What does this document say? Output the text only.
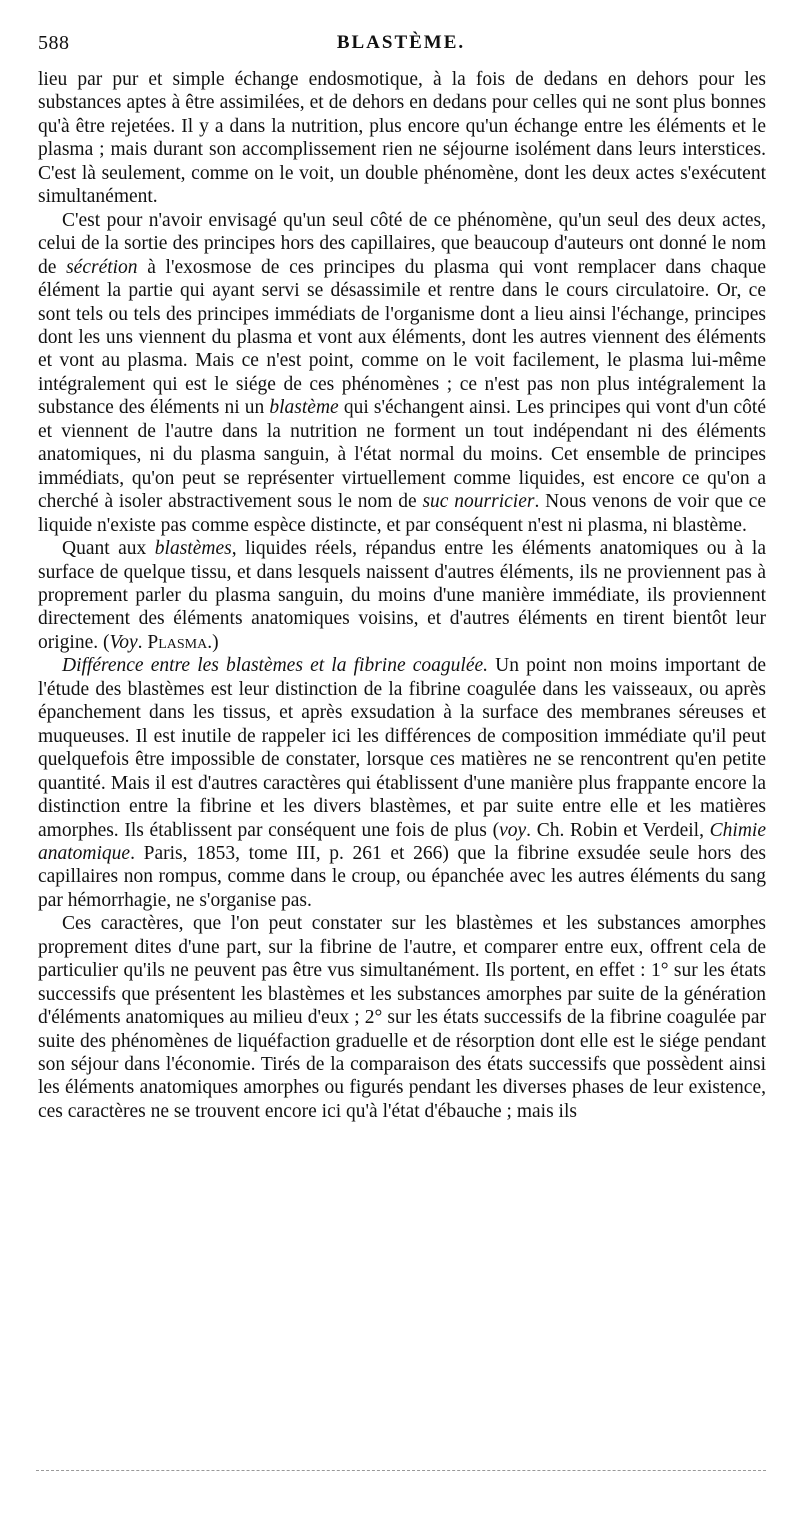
588	BLASTÈME.

lieu par pur et simple échange endosmotique, à la fois de dedans en dehors pour les substances aptes à être assimilées, et de dehors en dedans pour celles qui ne sont plus bonnes qu'à être rejetées. Il y a dans la nutrition, plus encore qu'un échange entre les éléments et le plasma ; mais durant son accomplissement rien ne séjourne isolément dans leurs interstices. C'est là seulement, comme on le voit, un double phénomène, dont les deux actes s'exécutent simultanément.

C'est pour n'avoir envisagé qu'un seul côté de ce phénomène, qu'un seul des deux actes, celui de la sortie des principes hors des capillaires, que beaucoup d'auteurs ont donné le nom de sécrétion à l'exosmose de ces principes du plasma qui vont remplacer dans chaque élément la partie qui ayant servi se désassimile et rentre dans le cours circulatoire. Or, ce sont tels ou tels des principes immédiats de l'organisme dont a lieu ainsi l'échange, principes dont les uns viennent du plasma et vont aux éléments, dont les autres viennent des éléments et vont au plasma. Mais ce n'est point, comme on le voit facilement, le plasma lui-même intégralement qui est le siége de ces phénomènes ; ce n'est pas non plus intégralement la substance des éléments ni un blastème qui s'échangent ainsi. Les principes qui vont d'un côté et viennent de l'autre dans la nutrition ne forment un tout indépendant ni des éléments anatomiques, ni du plasma sanguin, à l'état normal du moins. Cet ensemble de principes immédiats, qu'on peut se représenter virtuellement comme liquides, est encore ce qu'on a cherché à isoler abstractivement sous le nom de suc nourricier. Nous venons de voir que ce liquide n'existe pas comme espèce distincte, et par conséquent n'est ni plasma, ni blastème.

Quant aux blastèmes, liquides réels, répandus entre les éléments anatomiques ou à la surface de quelque tissu, et dans lesquels naissent d'autres éléments, ils ne proviennent pas à proprement parler du plasma sanguin, du moins d'une manière immédiate, ils proviennent directement des éléments anatomiques voisins, et d'autres éléments en tirent bientôt leur origine. (Voy. Plasma.)

Différence entre les blastèmes et la fibrine coagulée. Un point non moins important de l'étude des blastèmes est leur distinction de la fibrine coagulée dans les vaisseaux, ou après épanchement dans les tissus, et après exsudation à la surface des membranes séreuses et muqueuses. Il est inutile de rappeler ici les différences de composition immédiate qu'il peut quelquefois être impossible de constater, lorsque ces matières ne se rencontrent qu'en petite quantité. Mais il est d'autres caractères qui établissent d'une manière plus frappante encore la distinction entre la fibrine et les divers blastèmes, et par suite entre elle et les matières amorphes. Ils établissent par conséquent une fois de plus (voy. Ch. Robin et Verdeil, Chimie anatomique. Paris, 1853, tome III, p. 261 et 266) que la fibrine exsudée seule hors des capillaires non rompus, comme dans le croup, ou épanchée avec les autres éléments du sang par hémorrhagie, ne s'organise pas.

Ces caractères, que l'on peut constater sur les blastèmes et les substances amorphes proprement dites d'une part, sur la fibrine de l'autre, et comparer entre eux, offrent cela de particulier qu'ils ne peuvent pas être vus simultanément. Ils portent, en effet : 1° sur les états successifs que présentent les blastèmes et les substances amorphes par suite de la génération d'éléments anatomiques au milieu d'eux ; 2° sur les états successifs de la fibrine coagulée par suite des phénomènes de liquéfaction graduelle et de résorption dont elle est le siége pendant son séjour dans l'économie. Tirés de la comparaison des états successifs que possèdent ainsi les éléments anatomiques amorphes ou figurés pendant les diverses phases de leur existence, ces caractères ne se trouvent encore ici qu'à l'état d'ébauche ; mais ils
